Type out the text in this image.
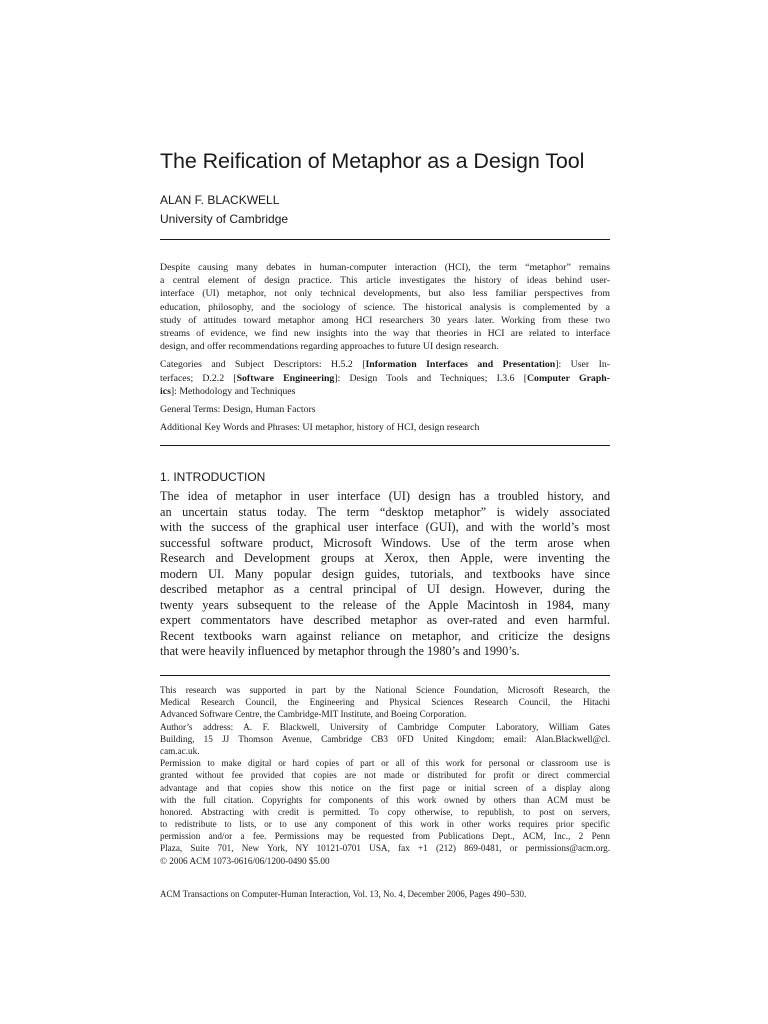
The Reification of Metaphor as a Design Tool
ALAN F. BLACKWELL
University of Cambridge

Despite causing many debates in human-computer interaction (HCI), the term “metaphor” remains
a central element of design practice. This article investigates the history of ideas behind user-
interface (UI) metaphor, not only technical developments, but also less familiar perspectives from
education, philosophy, and the sociology of science. The historical analysis is complemented by a
study of attitudes toward metaphor among HCI researchers 30 years later. Working from these two
streams of evidence, we find new insights into the way that theories in HCI are related to interface
design, and offer recommendations regarding approaches to future UI design research.

Categories and Subject Descriptors: H.5.2 [Information Interfaces and Presentation]: User In-
terfaces; D.2.2 [Software Engineering]: Design Tools and Techniques; I.3.6 [Computer Graph-
ics]: Methodology and Techniques

General Terms: Design, Human Factors

Additional Key Words and Phrases: UI metaphor, history of HCI, design research

1. INTRODUCTION
The idea of metaphor in user interface (UI) design has a troubled history, and
an uncertain status today. The term “desktop metaphor” is widely associated
with the success of the graphical user interface (GUI), and with the world’s most
successful software product, Microsoft Windows. Use of the term arose when
Research and Development groups at Xerox, then Apple, were inventing the
modern UI. Many popular design guides, tutorials, and textbooks have since
described metaphor as a central principal of UI design. However, during the
twenty years subsequent to the release of the Apple Macintosh in 1984, many
expert commentators have described metaphor as over-rated and even harmful.
Recent textbooks warn against reliance on metaphor, and criticize the designs
that were heavily influenced by metaphor through the 1980’s and 1990’s.
This research was supported in part by the National Science Foundation, Microsoft Research, the
Medical Research Council, the Engineering and Physical Sciences Research Council, the Hitachi
Advanced Software Centre, the Cambridge-MIT Institute, and Boeing Corporation.
Author’s address: A. F. Blackwell, University of Cambridge Computer Laboratory, William Gates
Building, 15 JJ Thomson Avenue, Cambridge CB3 0FD United Kingdom; email: Alan.Blackwell@cl.
cam.ac.uk.
Permission to make digital or hard copies of part or all of this work for personal or classroom use is
granted without fee provided that copies are not made or distributed for profit or direct commercial
advantage and that copies show this notice on the first page or initial screen of a display along
with the full citation. Copyrights for components of this work owned by others than ACM must be
honored. Abstracting with credit is permitted. To copy otherwise, to republish, to post on servers,
to redistribute to lists, or to use any component of this work in other works requires prior specific
permission and/or a fee. Permissions may be requested from Publications Dept., ACM, Inc., 2 Penn
Plaza, Suite 701, New York, NY 10121-0701 USA, fax +1 (212) 869-0481, or permissions@acm.org.
© 2006 ACM 1073-0616/06/1200-0490 $5.00
ACM Transactions on Computer-Human Interaction, Vol. 13, No. 4, December 2006, Pages 490–530.
